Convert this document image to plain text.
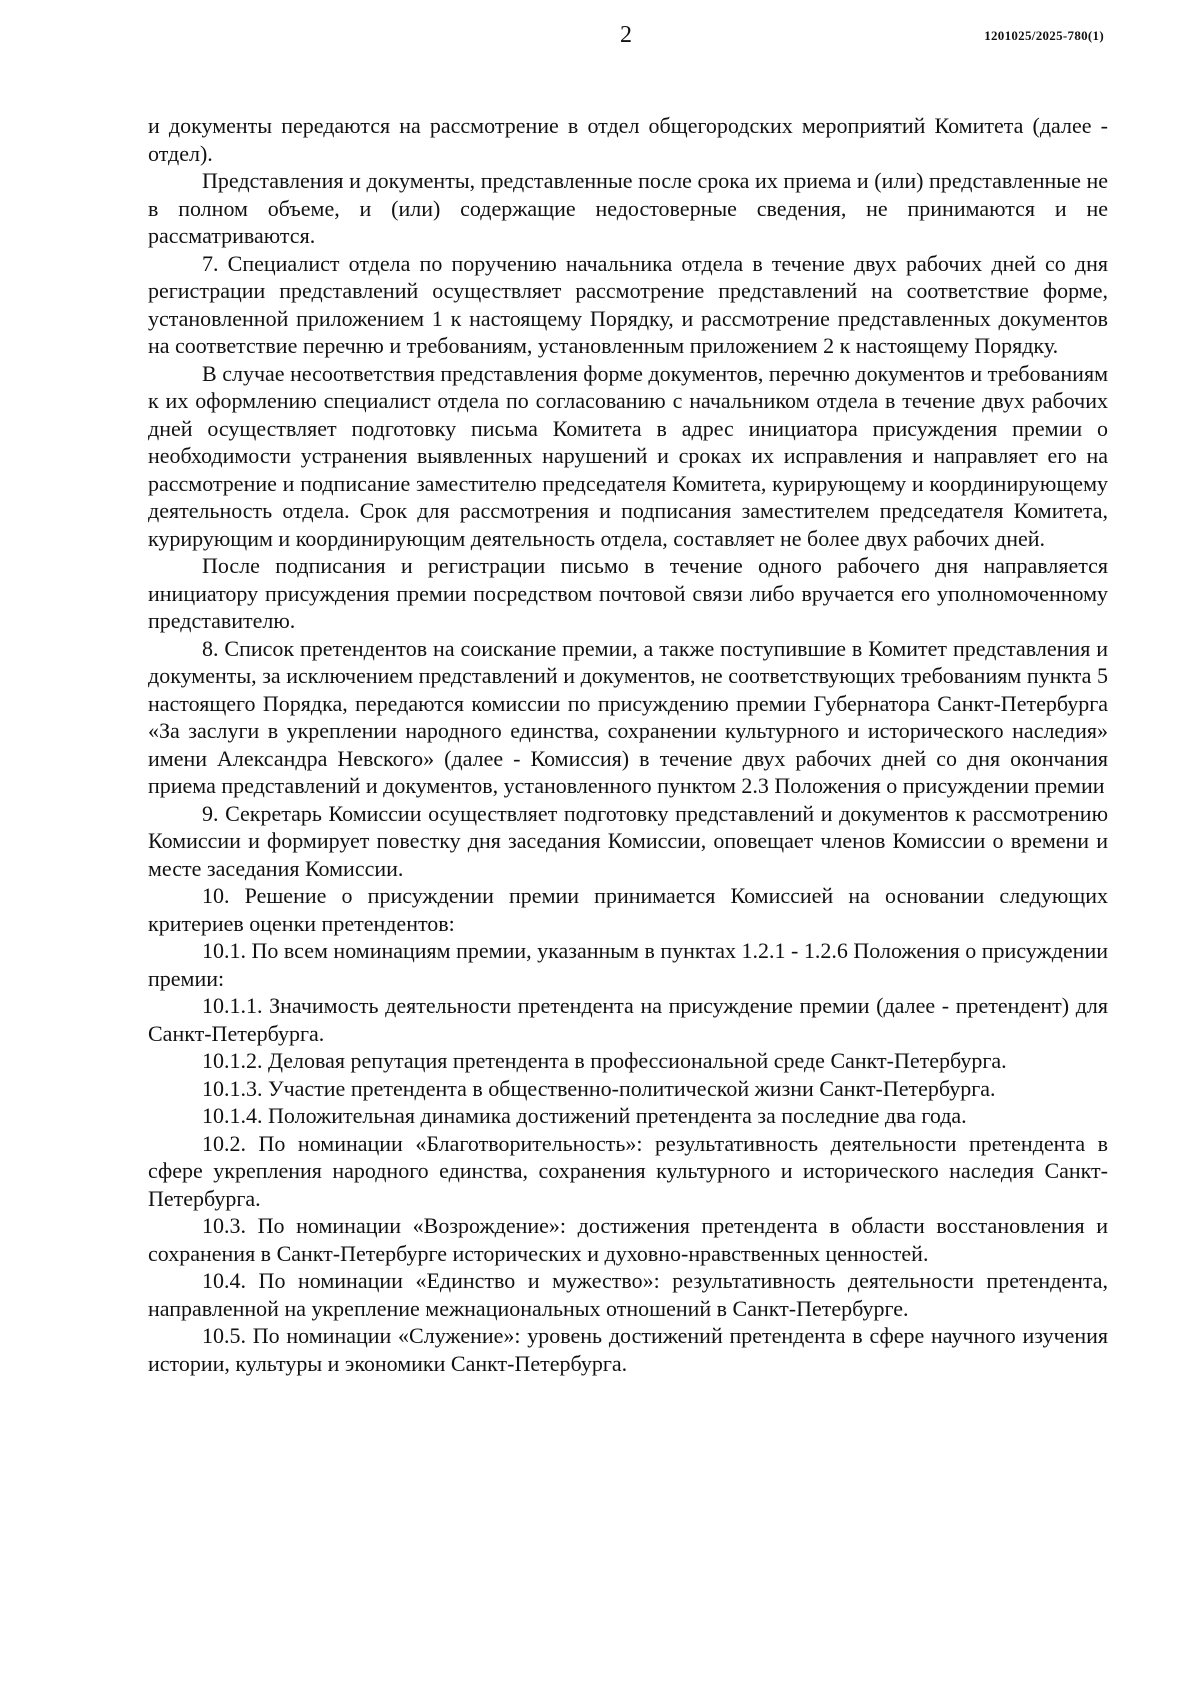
2	1201025/2025-780(1)

и документы передаются на рассмотрение в отдел общегородских мероприятий Комитета (далее - отдел).

Представления и документы, представленные после срока их приема и (или) представленные не в полном объеме, и (или) содержащие недостоверные сведения, не принимаются и не рассматриваются.

7. Специалист отдела по поручению начальника отдела в течение двух рабочих дней со дня регистрации представлений осуществляет рассмотрение представлений на соответствие форме, установленной приложением 1 к настоящему Порядку, и рассмотрение представленных документов на соответствие перечню и требованиям, установленным приложением 2 к настоящему Порядку.

В случае несоответствия представления форме документов, перечню документов и требованиям к их оформлению специалист отдела по согласованию с начальником отдела в течение двух рабочих дней осуществляет подготовку письма Комитета в адрес инициатора присуждения премии о необходимости устранения выявленных нарушений и сроках их исправления и направляет его на рассмотрение и подписание заместителю председателя Комитета, курирующему и координирующему деятельность отдела. Срок для рассмотрения и подписания заместителем председателя Комитета, курирующим и координирующим деятельность отдела, составляет не более двух рабочих дней.

После подписания и регистрации письмо в течение одного рабочего дня направляется инициатору присуждения премии посредством почтовой связи либо вручается его уполномоченному представителю.

8. Список претендентов на соискание премии, а также поступившие в Комитет представления и документы, за исключением представлений и документов, не соответствующих требованиям пункта 5 настоящего Порядка, передаются комиссии по присуждению премии Губернатора Санкт-Петербурга «За заслуги в укреплении народного единства, сохранении культурного и исторического наследия» имени Александра Невского» (далее - Комиссия) в течение двух рабочих дней со дня окончания приема представлений и документов, установленного пунктом 2.3 Положения о присуждении премии

9. Секретарь Комиссии осуществляет подготовку представлений и документов к рассмотрению Комиссии и формирует повестку дня заседания Комиссии, оповещает членов Комиссии о времени и месте заседания Комиссии.

10. Решение о присуждении премии принимается Комиссией на основании следующих критериев оценки претендентов:

10.1. По всем номинациям премии, указанным в пунктах 1.2.1 - 1.2.6 Положения о присуждении премии:

10.1.1. Значимость деятельности претендента на присуждение премии (далее - претендент) для Санкт-Петербурга.

10.1.2. Деловая репутация претендента в профессиональной среде Санкт-Петербурга.

10.1.3. Участие претендента в общественно-политической жизни Санкт-Петербурга.

10.1.4. Положительная динамика достижений претендента за последние два года.

10.2. По номинации «Благотворительность»: результативность деятельности претендента в сфере укрепления народного единства, сохранения культурного и исторического наследия Санкт-Петербурга.

10.3. По номинации «Возрождение»: достижения претендента в области восстановления и сохранения в Санкт-Петербурге исторических и духовно-нравственных ценностей.

10.4. По номинации «Единство и мужество»: результативность деятельности претендента, направленной на укрепление межнациональных отношений в Санкт-Петербурге.

10.5. По номинации «Служение»: уровень достижений претендента в сфере научного изучения истории, культуры и экономики Санкт-Петербурга.
